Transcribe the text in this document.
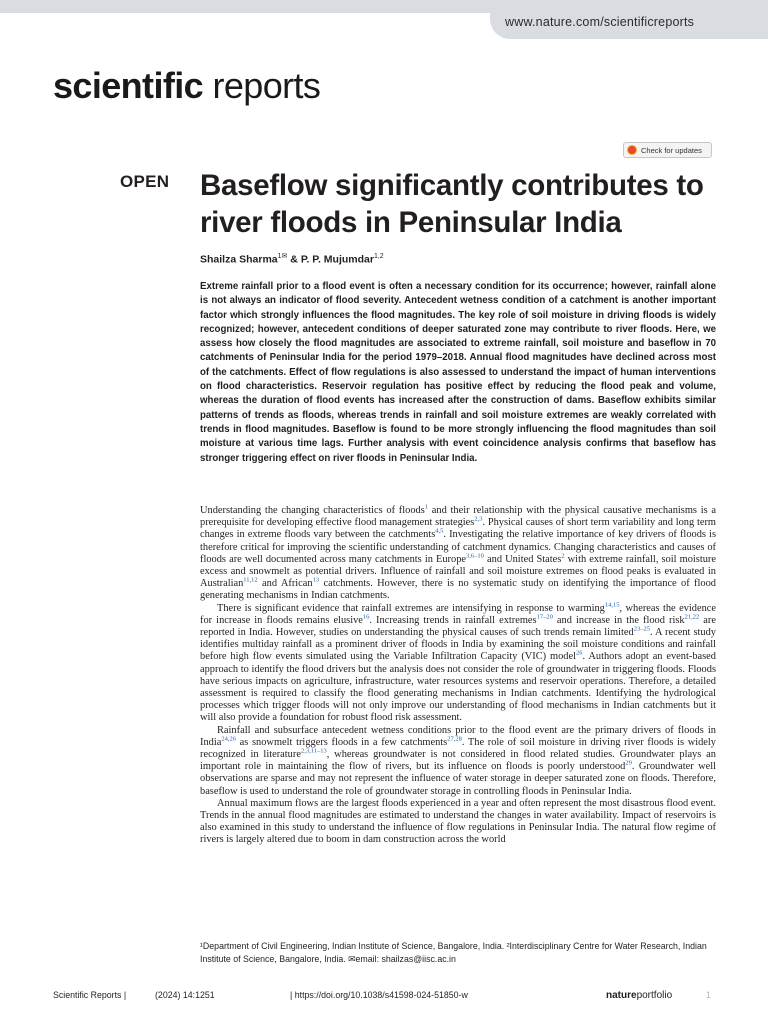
www.nature.com/scientificreports
scientific reports
Check for updates
OPEN Baseflow significantly contributes to river floods in Peninsular India
Shailza Sharma$^{1✉}$ & P. P. Mujumdar$^{1,2}$

Extreme rainfall prior to a flood event is often a necessary condition for its occurrence; however, rainfall alone is not always an indicator of flood severity. Antecedent wetness condition of a catchment is another important factor which strongly influences the flood magnitudes. The key role of soil moisture in driving floods is widely recognized; however, antecedent conditions of deeper saturated zone may contribute to river floods. Here, we assess how closely the flood magnitudes are associated to extreme rainfall, soil moisture and baseflow in 70 catchments of Peninsular India for the period 1979–2018. Annual flood magnitudes have declined across most of the catchments. Effect of flow regulations is also assessed to understand the impact of human interventions on flood characteristics. Reservoir regulation has positive effect by reducing the flood peak and volume, whereas the duration of flood events has increased after the construction of dams. Baseflow exhibits similar patterns of trends as floods, whereas trends in rainfall and soil moisture extremes are weakly correlated with trends in flood magnitudes. Baseflow is found to be more strongly influencing the flood magnitudes than soil moisture at various time lags. Further analysis with event coincidence analysis confirms that baseflow has stronger triggering effect on river floods in Peninsular India.

Understanding the changing characteristics of floods$^1$ and their relationship with the physical causative mechanisms is a prerequisite for developing effective flood management strategies$^{2,3}$. Physical causes of short term variability and long term changes in extreme floods vary between the catchments$^{4,5}$. Investigating the relative importance of key drivers of floods is therefore critical for improving the scientific understanding of catchment dynamics. Changing characteristics and causes of floods are well documented across many catchments in Europe$^{3,6-10}$ and United States$^2$ with extreme rainfall, soil moisture excess and snowmelt as potential drivers. Influence of rainfall and soil moisture extremes on flood peaks is evaluated in Australian$^{11,12}$ and African$^{13}$ catchments. However, there is no systematic study on identifying the importance of flood generating mechanisms in Indian catchments.

There is significant evidence that rainfall extremes are intensifying in response to warming$^{14,15}$, whereas the evidence for increase in floods remains elusive$^{16}$. Increasing trends in rainfall extremes$^{17-20}$ and increase in the flood risk$^{21,22}$ are reported in India. However, studies on understanding the physical causes of such trends remain limited$^{23-25}$. A recent study identifies multiday rainfall as a prominent driver of floods in India by examining the soil moisture conditions and rainfall before high flow events simulated using the Variable Infiltration Capacity (VIC) model$^{26}$. Authors adopt an event-based approach to identify the flood drivers but the analysis does not consider the role of groundwater in triggering floods. Floods have serious impacts on agriculture, infrastructure, water resources systems and reservoir operations. Therefore, a detailed assessment is required to classify the flood generating mechanisms in Indian catchments. Identifying the hydrological processes which trigger floods will not only improve our understanding of flood mechanisms in Indian catchments but it will also provide a foundation for robust flood risk assessment.

Rainfall and subsurface antecedent wetness conditions prior to the flood event are the primary drivers of floods in India$^{24,26}$ as snowmelt triggers floods in a few catchments$^{27,28}$. The role of soil moisture in driving river floods is widely recognized in literature$^{2,3,11-13}$, whereas groundwater is not considered in flood related studies. Groundwater plays an important role in maintaining the flow of rivers, but its influence on floods is poorly understood$^{29}$. Groundwater well observations are sparse and may not represent the influence of water storage in deeper saturated zone on floods. Therefore, baseflow is used to understand the role of groundwater storage in controlling floods in Peninsular India.

Annual maximum flows are the largest floods experienced in a year and often represent the most disastrous flood event. Trends in the annual flood magnitudes are estimated to understand the changes in water availability. Impact of reservoirs is also examined in this study to understand the influence of flow regulations in Peninsular India. The natural flow regime of rivers is largely altered due to boom in dam construction across the world

¹Department of Civil Engineering, Indian Institute of Science, Bangalore, India. ²Interdisciplinary Centre for Water Research, Indian Institute of Science, Bangalore, India. ✉email: shailzas@iisc.ac.in
Scientific Reports |	(2024) 14:1251	| https://doi.org/10.1038/s41598-024-51850-w	natureportfolio	1
